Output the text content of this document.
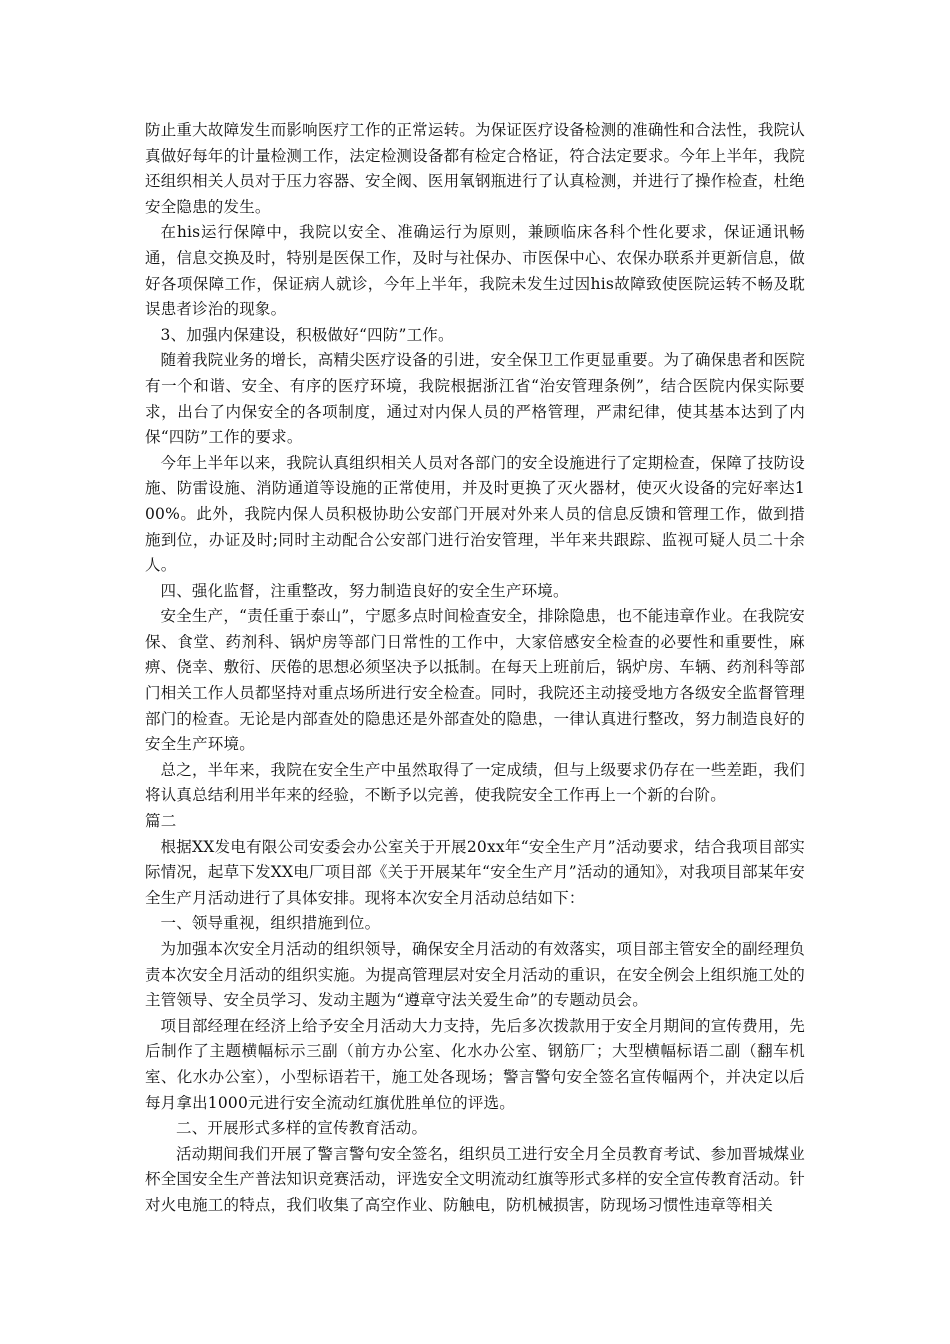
防止重大故障发生而影响医疗工作的正常运转。为保证医疗设备检测的准确性和合法性，我院认真做好每年的计量检测工作，法定检测设备都有检定合格证，符合法定要求。今年上半年，我院还组织相关人员对于压力容器、安全阀、医用氧钢瓶进行了认真检测，并进行了操作检查，杜绝安全隐患的发生。

在his运行保障中，我院以安全、准确运行为原则，兼顾临床各科个性化要求，保证通讯畅通，信息交换及时，特别是医保工作，及时与社保办、市医保中心、农保办联系并更新信息，做好各项保障工作，保证病人就诊，今年上半年，我院未发生过因his故障致使医院运转不畅及耽误患者诊治的现象。

3、加强内保建设，积极做好“四防”工作。

随着我院业务的增长，高精尖医疗设备的引进，安全保卫工作更显重要。为了确保患者和医院有一个和谐、安全、有序的医疗环境，我院根据浙江省“治安管理条例”，结合医院内保实际要求，出台了内保安全的各项制度，通过对内保人员的严格管理，严肃纪律，使其基本达到了内保“四防”工作的要求。

今年上半年以来，我院认真组织相关人员对各部门的安全设施进行了定期检查，保障了技防设施、防雷设施、消防通道等设施的正常使用，并及时更换了灭火器材，使灭火设备的完好率达100%。此外，我院内保人员积极协助公安部门开展对外来人员的信息反馈和管理工作，做到措施到位，办证及时;同时主动配合公安部门进行治安管理，半年来共跟踪、监视可疑人员二十余人。

四、强化监督，注重整改，努力制造良好的安全生产环境。

安全生产，“责任重于泰山”，宁愿多点时间检查安全，排除隐患，也不能违章作业。在我院安保、食堂、药剂科、锅炉房等部门日常性的工作中，大家倍感安全检查的必要性和重要性，麻痹、侥幸、敷衍、厌倦的思想必须坚决予以抵制。在每天上班前后，锅炉房、车辆、药剂科等部门相关工作人员都坚持对重点场所进行安全检查。同时，我院还主动接受地方各级安全监督管理部门的检查。无论是内部查处的隐患还是外部查处的隐患，一律认真进行整改，努力制造良好的安全生产环境。

总之，半年来，我院在安全生产中虽然取得了一定成绩，但与上级要求仍存在一些差距，我们将认真总结利用半年来的经验，不断予以完善，使我院安全工作再上一个新的台阶。

篇二

根据XX发电有限公司安委会办公室关于开展20xx年“安全生产月”活动要求，结合我项目部实际情况，起草下发XX电厂项目部《关于开展某年“安全生产月”活动的通知》，对我项目部某年安全生产月活动进行了具体安排。现将本次安全月活动总结如下：

一、领导重视，组织措施到位。

为加强本次安全月活动的组织领导，确保安全月活动的有效落实，项目部主管安全的副经理负责本次安全月活动的组织实施。为提高管理层对安全月活动的重识，在安全例会上组织施工处的主管领导、安全员学习、发动主题为“遵章守法关爱生命”的专题动员会。

项目部经理在经济上给予安全月活动大力支持，先后多次拨款用于安全月期间的宣传费用，先后制作了主题横幅标示三副（前方办公室、化水办公室、钢筋厂；大型横幅标语二副（翻车机室、化水办公室），小型标语若干，施工处各现场；警言警句安全签名宣传幅两个，并决定以后每月拿出1000元进行安全流动红旗优胜单位的评选。

二、开展形式多样的宣传教育活动。

活动期间我们开展了警言警句安全签名，组织员工进行安全月全员教育考试、参加晋城煤业杯全国安全生产普法知识竞赛活动，评选安全文明流动红旗等形式多样的安全宣传教育活动。针对火电施工的特点，我们收集了高空作业、防触电，防机械损害，防现场习惯性违章等相关
